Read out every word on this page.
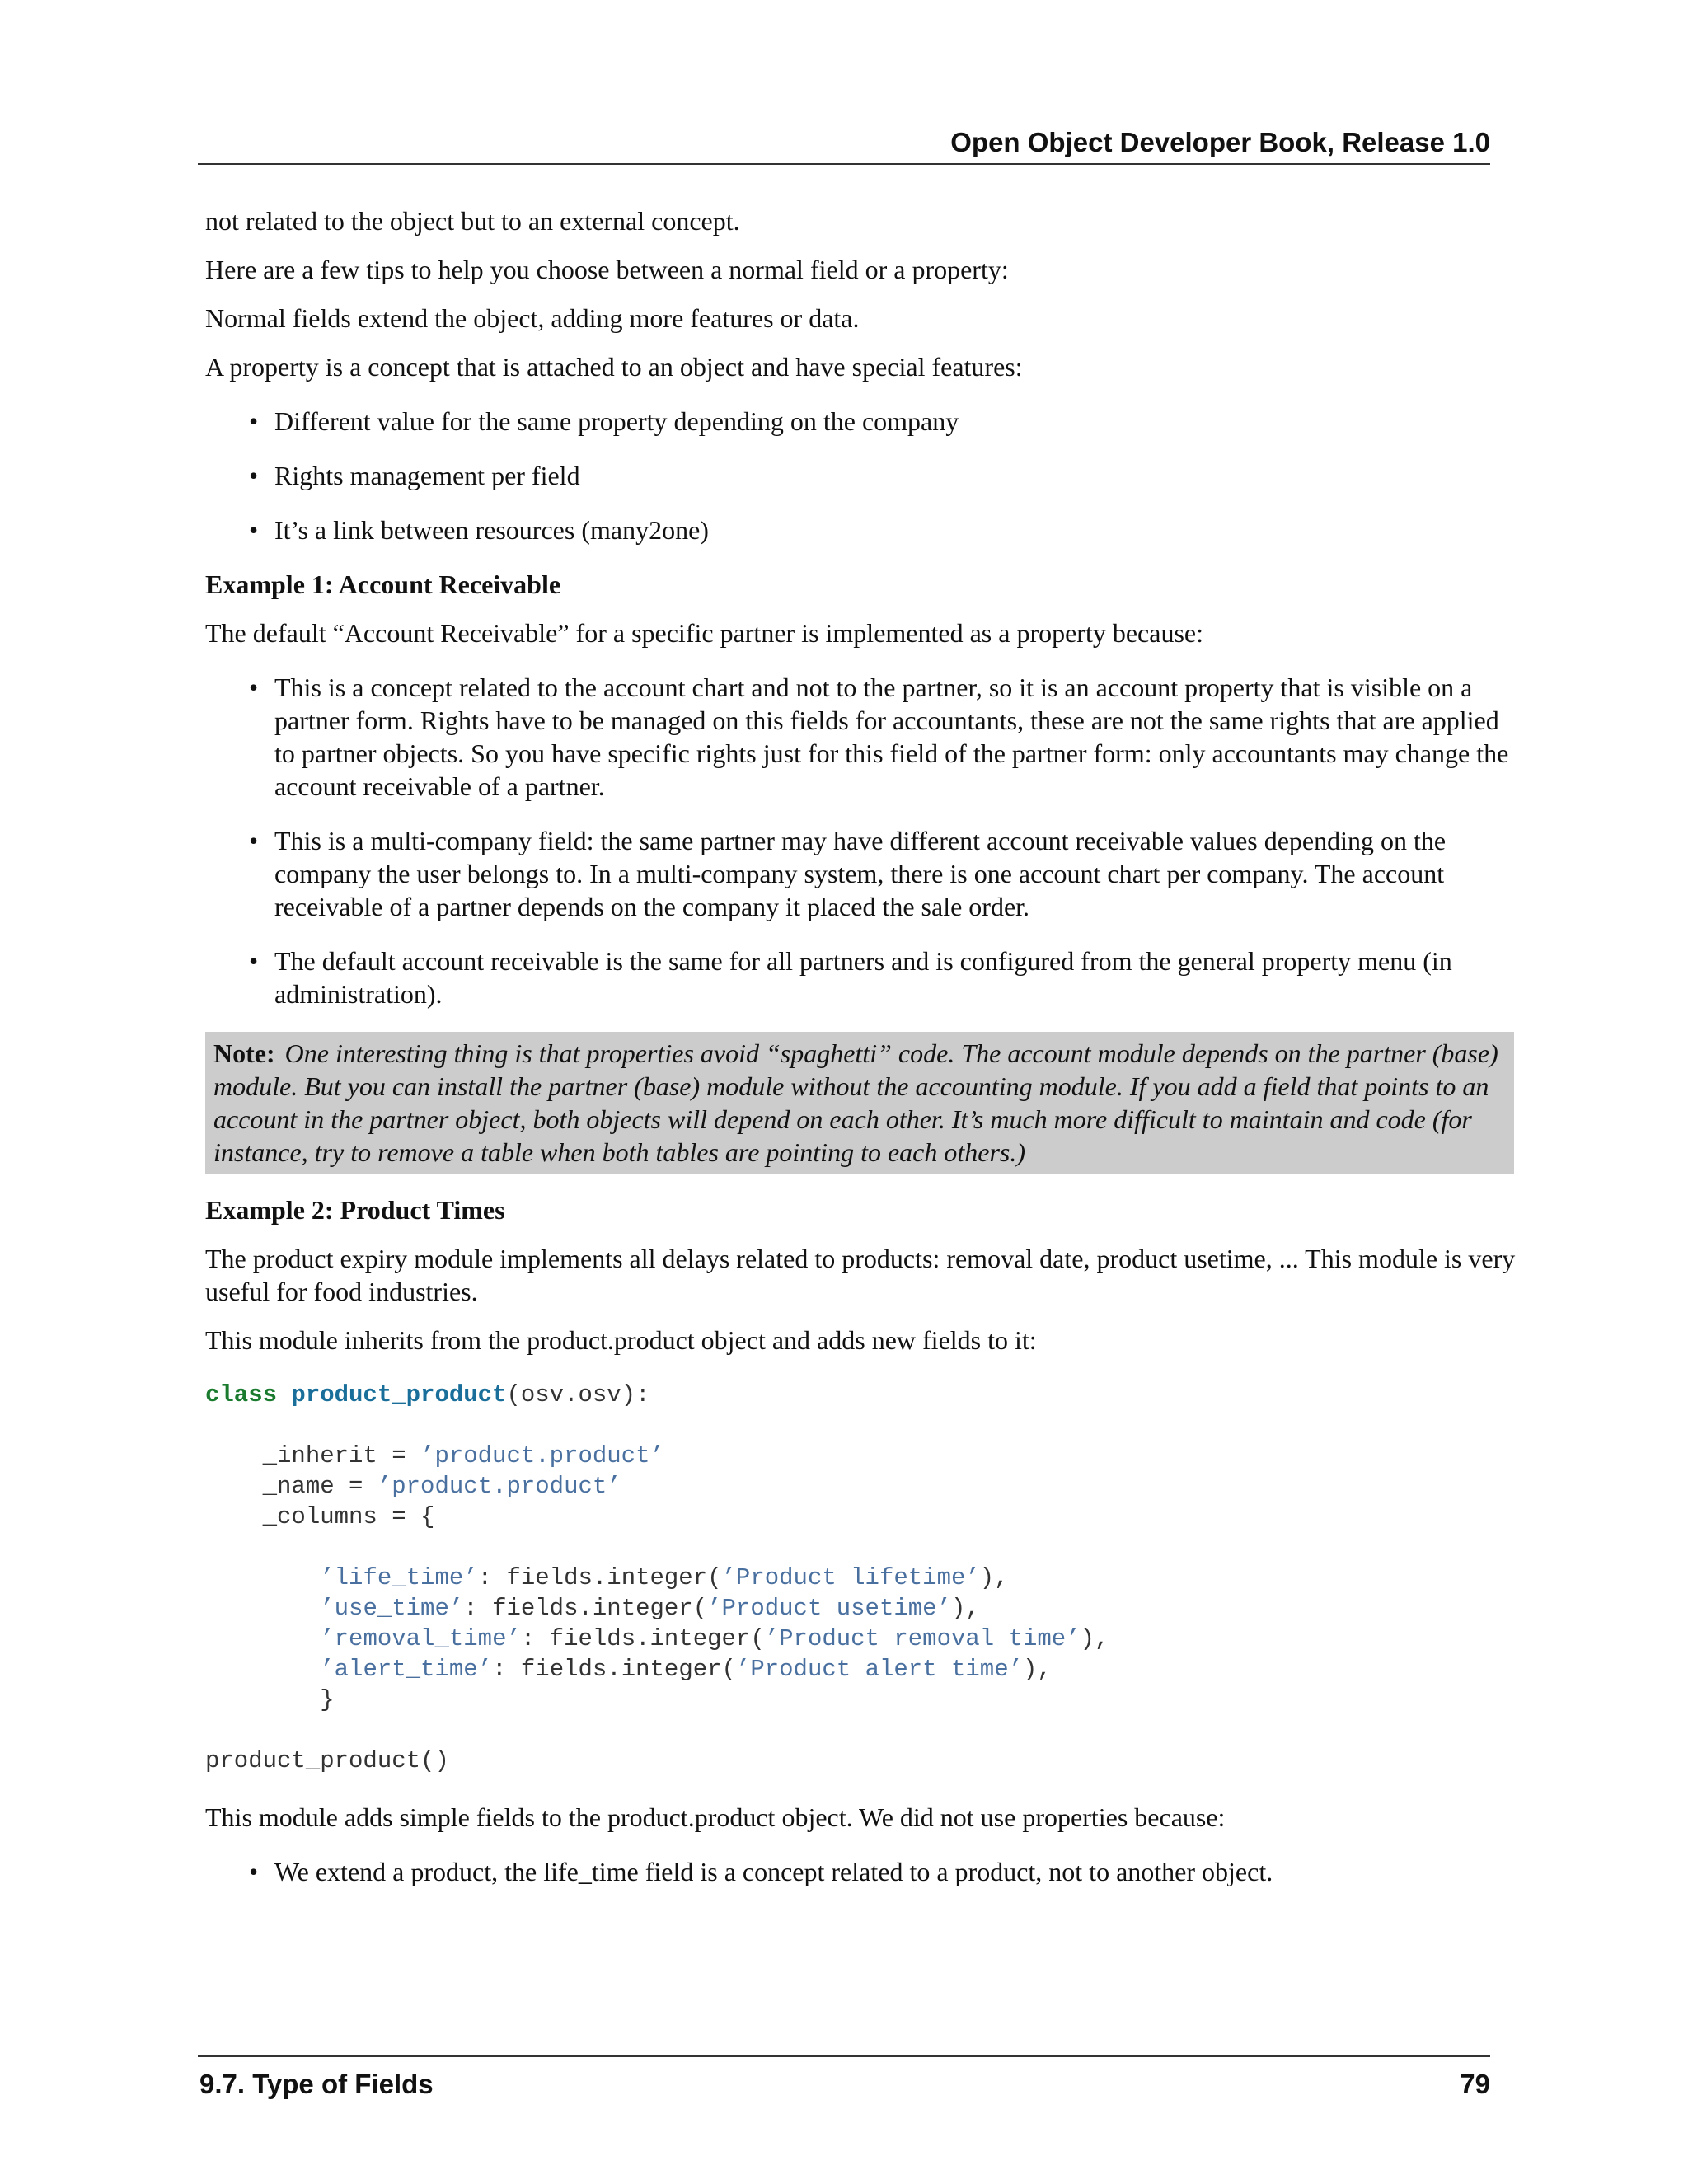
Open Object Developer Book, Release 1.0

not related to the object but to an external concept.

Here are a few tips to help you choose between a normal field or a property:

Normal fields extend the object, adding more features or data.

A property is a concept that is attached to an object and have special features:

• Different value for the same property depending on the company
• Rights management per field
• It’s a link between resources (many2one)

Example 1: Account Receivable

The default “Account Receivable” for a specific partner is implemented as a property because:

• This is a concept related to the account chart and not to the partner, so it is an account property that is visible on a partner form. Rights have to be managed on this fields for accountants, these are not the same rights that are applied to partner objects. So you have specific rights just for this field of the partner form: only accountants may change the account receivable of a partner.
• This is a multi-company field: the same partner may have different account receivable values depending on the company the user belongs to. In a multi-company system, there is one account chart per company. The account receivable of a partner depends on the company it placed the sale order.
• The default account receivable is the same for all partners and is configured from the general property menu (in administration).
Note: One interesting thing is that properties avoid “spaghetti” code. The account module depends on the partner (base) module. But you can install the partner (base) module without the accounting module. If you add a field that points to an account in the partner object, both objects will depend on each other. It’s much more difficult to maintain and code (for instance, try to remove a table when both tables are pointing to each others.)

Example 2: Product Times

The product expiry module implements all delays related to products: removal date, product usetime, ... This module is very useful for food industries.

This module inherits from the product.product object and adds new fields to it:

class product_product(osv.osv):

_inherit = ’product.product’
_name = ’product.product’
_columns = {

’life_time’: fields.integer(’Product lifetime’),
’use_time’: fields.integer(’Product usetime’),
’removal_time’: fields.integer(’Product removal time’),
’alert_time’: fields.integer(’Product alert time’),
}

product_product()

This module adds simple fields to the product.product object. We did not use properties because:

• We extend a product, the life_time field is a concept related to a product, not to another object.
9.7. Type of Fields	79
